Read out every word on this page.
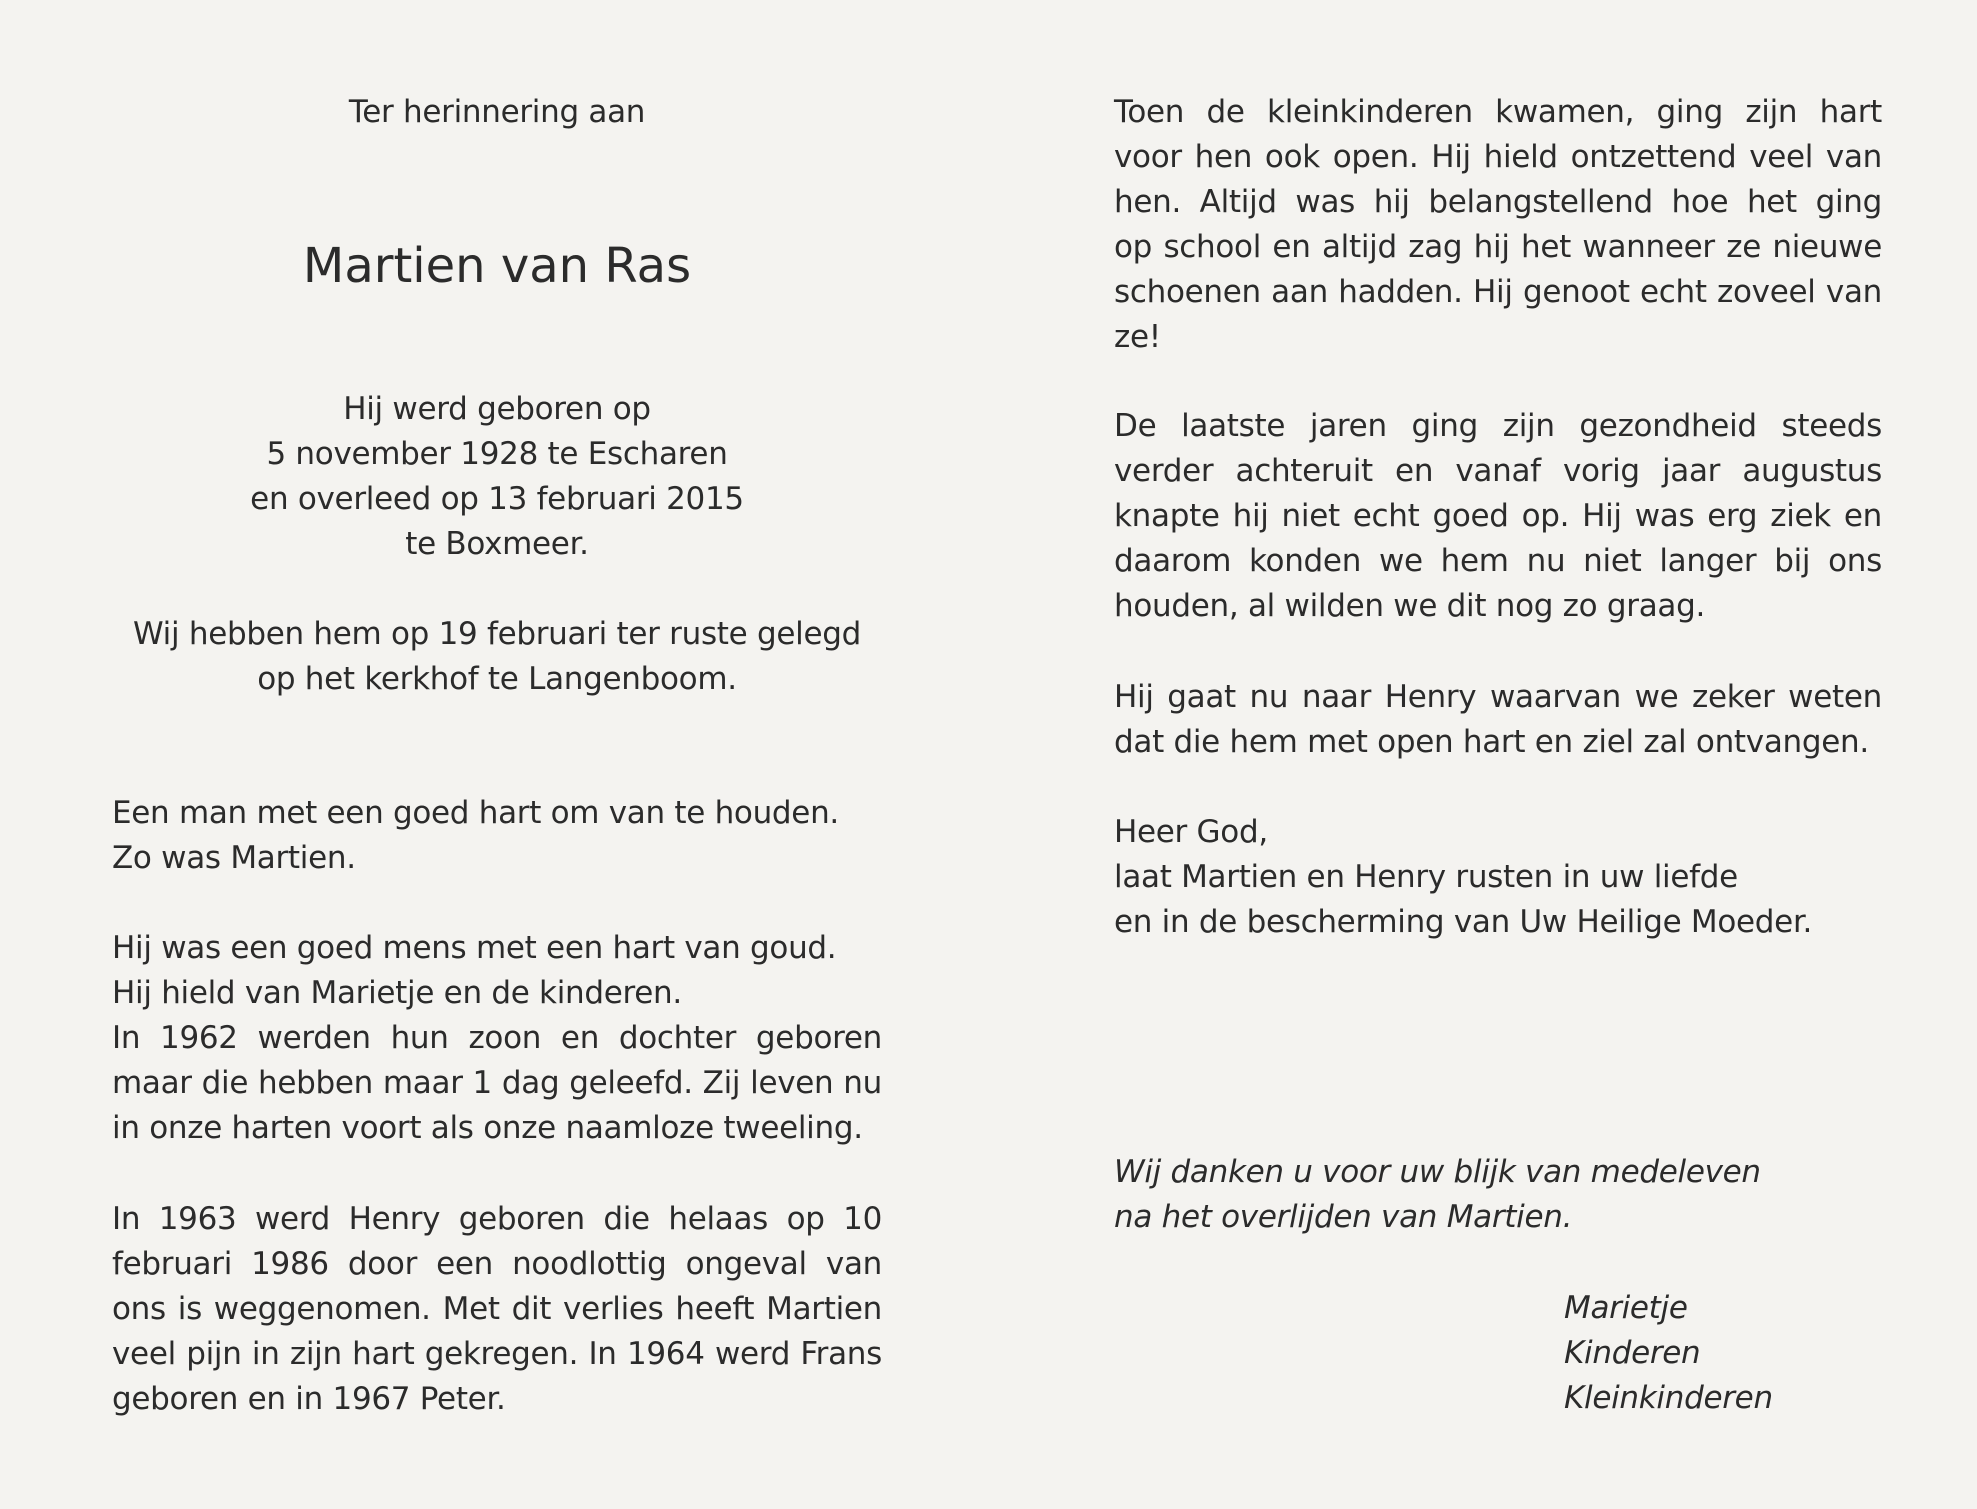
Ter herinnering aan
Martien van Ras
Hij werd geboren op
5 november 1928 te Escharen
en overleed op 13 februari 2015
te Boxmeer.
Wij hebben hem op 19 februari ter ruste gelegd
op het kerkhof te Langenboom.
Een man met een goed hart om van te houden.
Zo was Martien.
Hij was een goed mens met een hart van goud.
Hij hield van Marietje en de kinderen.
In 1962 werden hun zoon en dochter geboren
maar die hebben maar 1 dag geleefd. Zij leven nu
in onze harten voort als onze naamloze tweeling.
In 1963 werd Henry geboren die helaas op 10
februari 1986 door een noodlottig ongeval van
ons is weggenomen. Met dit verlies heeft Martien
veel pijn in zijn hart gekregen. In 1964 werd Frans
geboren en in 1967 Peter.
Toen de kleinkinderen kwamen, ging zijn hart
voor hen ook open. Hij hield ontzettend veel van
hen. Altijd was hij belangstellend hoe het ging
op school en altijd zag hij het wanneer ze nieuwe
schoenen aan hadden. Hij genoot echt zoveel van
ze!
De laatste jaren ging zijn gezondheid steeds
verder achteruit en vanaf vorig jaar augustus
knapte hij niet echt goed op. Hij was erg ziek en
daarom konden we hem nu niet langer bij ons
houden, al wilden we dit nog zo graag.
Hij gaat nu naar Henry waarvan we zeker weten
dat die hem met open hart en ziel zal ontvangen.
Heer God,
laat Martien en Henry rusten in uw liefde
en in de bescherming van Uw Heilige Moeder.
Wij danken u voor uw blijk van medeleven
na het overlijden van Martien.
Marietje
Kinderen
Kleinkinderen
